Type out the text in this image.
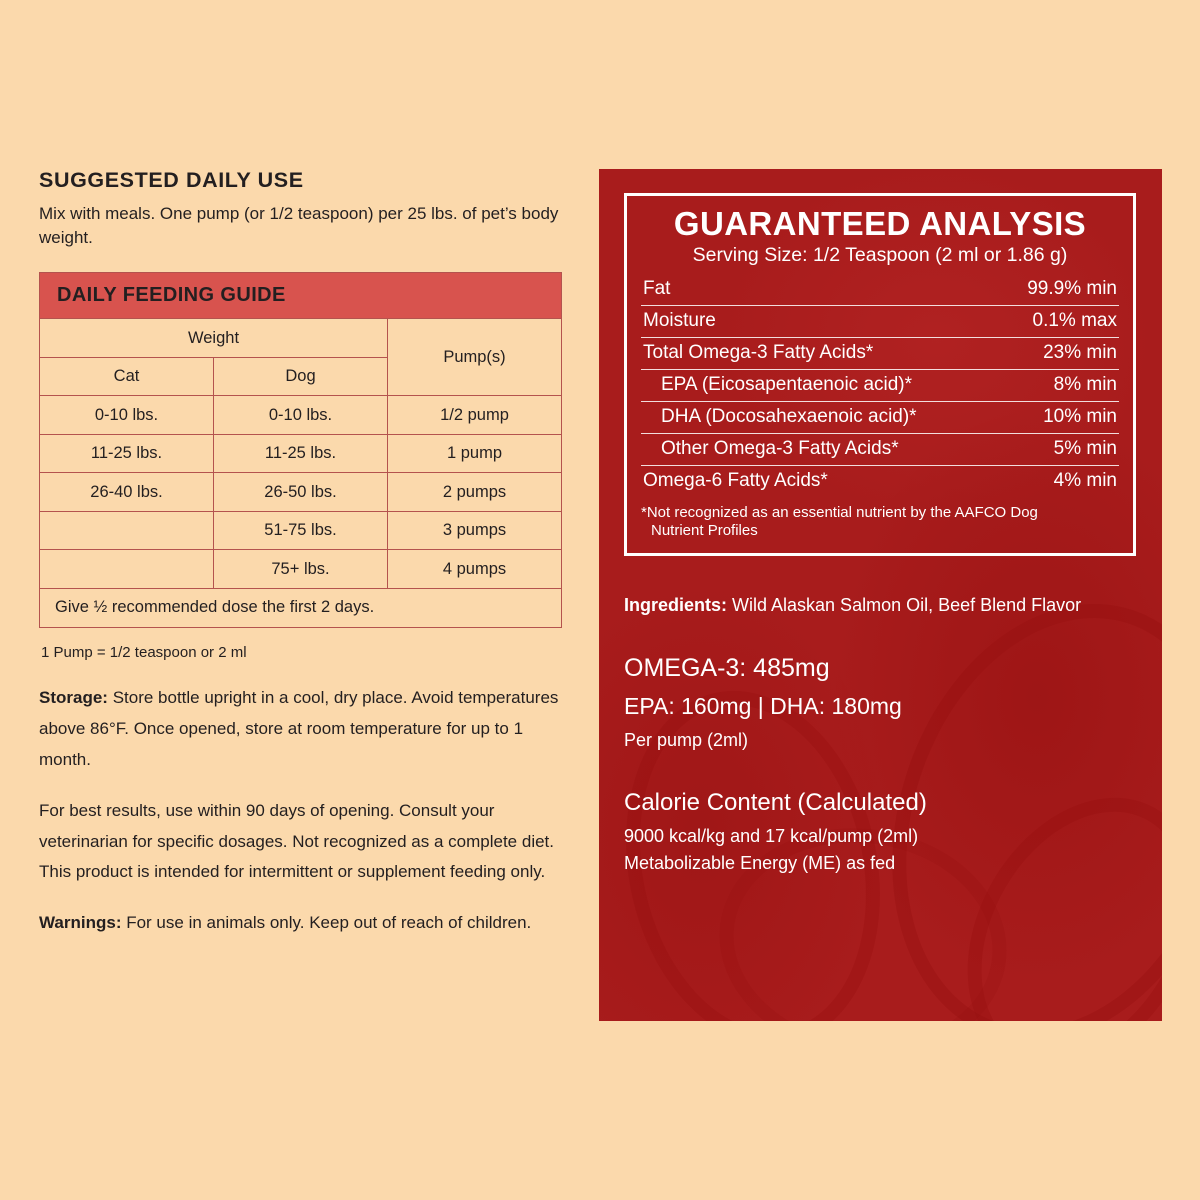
SUGGESTED DAILY USE
Mix with meals. One pump (or 1/2 teaspoon) per 25 lbs. of pet’s body weight.
DAILY FEEDING GUIDE		
Weight		Pump(s)
Cat	Dog	
0-10 lbs.	0-10 lbs.	1/2 pump
11-25 lbs.	11-25 lbs.	1 pump
26-40 lbs.	26-50 lbs.	2 pumps
	51-75 lbs.	3 pumps
	75+ lbs.	4 pumps
Give ½ recommended dose the first 2 days.		
1 Pump = 1/2 teaspoon or 2 ml

Storage: Store bottle upright in a cool, dry place. Avoid temperatures above 86°F. Once opened, store at room temperature for up to 1 month.

For best results, use within 90 days of opening. Consult your veterinarian for specific dosages. Not recognized as a complete diet. This product is intended for intermittent or supplement feeding only.

Warnings: For use in animals only. Keep out of reach of children.

GUARANTEED ANALYSIS
Serving Size: 1/2 Teaspoon (2 ml or 1.86 g)
Fat	99.9% min
Moisture	0.1% max
Total Omega-3 Fatty Acids*	23% min
EPA (Eicosapentaenoic acid)*	8% min
DHA (Docosahexaenoic acid)*	10% min
Other Omega-3 Fatty Acids*	5% min
Omega-6 Fatty Acids*	4% min
*Not recognized as an essential nutrient by the AAFCO Dog
Nutrient Profiles
Ingredients: Wild Alaskan Salmon Oil, Beef Blend Flavor
OMEGA-3: 485mg
EPA: 160mg | DHA: 180mg
Per pump (2ml)
Calorie Content (Calculated)
9000 kcal/kg and 17 kcal/pump (2ml)
Metabolizable Energy (ME) as fed
